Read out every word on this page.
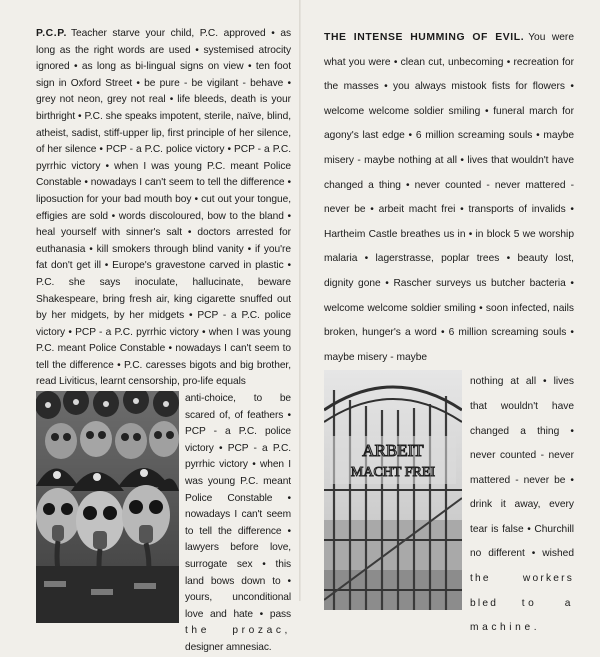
P.C.P. Teacher starve your child, P.C. approved • as long as the right words are used • systemised atrocity ignored • as long as bi-lingual signs on view • ten foot sign in Oxford Street • be pure - be vigilant - behave • grey not neon, grey not real • life bleeds, death is your birthright • P.C. she speaks impotent, sterile, naïve, blind, atheist, sadist, stiff-upper lip, first principle of her silence, of her silence • PCP - a P.C. police victory • PCP - a P.C. pyrrhic victory • when I was young P.C. meant Police Constable • nowadays I can't seem to tell the difference • liposuction for your bad mouth boy • cut out your tongue, effigies are sold • words discoloured, bow to the bland • heal yourself with sinner's salt • doctors arrested for euthanasia • kill smokers through blind vanity • if you're fat don't get ill • Europe's gravestone carved in plastic • P.C. she says inoculate, hallucinate, beware Shakespeare, bring fresh air, king cigarette snuffed out by her midgets, by her midgets • PCP - a P.C. police victory • PCP - a P.C. pyrrhic victory • when I was young P.C. meant Police Constable • nowadays I can't seem to tell the difference • P.C. caresses bigots and big brother, read Liviticus, learnt censorship, pro-life equals

anti-choice, to be scared of, of feathers • PCP - a P.C. police victory • PCP - a P.C. pyrrhic victory • when I was young P.C. meant Police Constable • nowadays I can't seem to tell the difference • lawyers before love, surrogate sex • this land bows down to • yours, unconditional love and hate • pass the prozac, designer amnesiac.

THE INTENSE HUMMING OF EVIL. You were what you were • clean cut, unbecoming • recreation for the masses • you always mistook fists for flowers • welcome welcome soldier smiling • funeral march for agony's last edge • 6 million screaming souls • maybe misery - maybe nothing at all • lives that wouldn't have changed a thing • never counted - never mattered - never be • arbeit macht frei • transports of invalids • Hartheim Castle breathes us in • in block 5 we worship malaria • lagerstrasse, poplar trees • beauty lost, dignity gone • Rascher surveys us butcher bacteria • welcome welcome soldier smiling • soon infected, nails broken, hunger's a word • 6 million screaming souls • maybe misery - maybe

ARBEIT
MACHT FREI
nothing at all • lives that wouldn't have changed a thing • never counted - never mattered - never be • drink it away, every tear is false • Churchill no different • wished the workers bled to a machine.
